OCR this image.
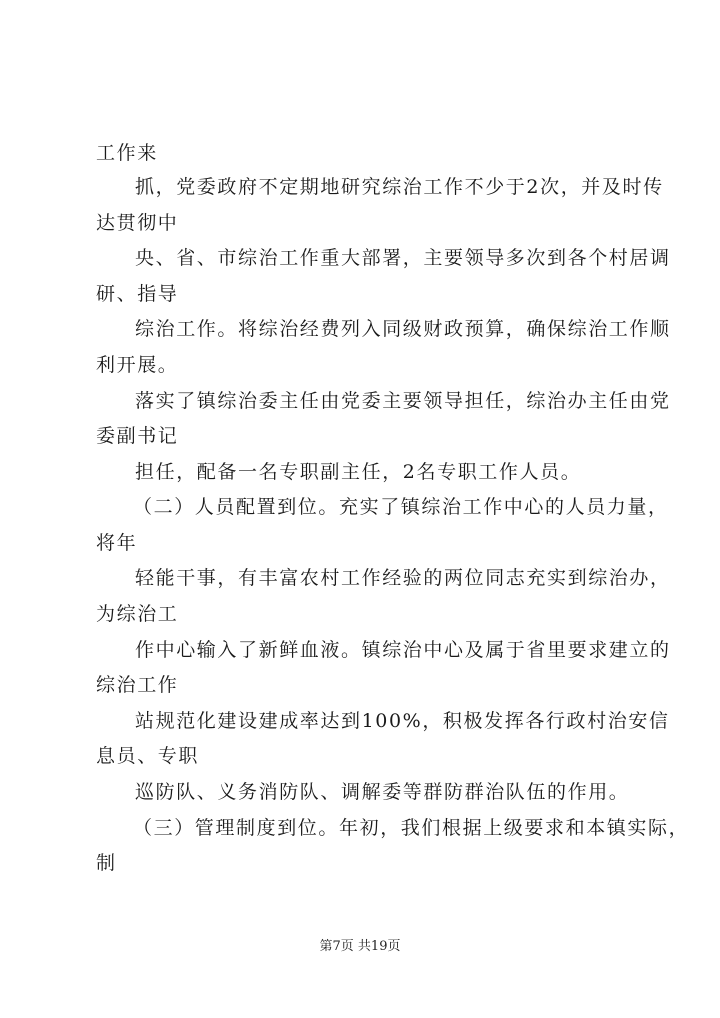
工作来
抓，党委政府不定期地研究综治工作不少于2次，并及时传
达贯彻中
央、省、市综治工作重大部署，主要领导多次到各个村居调
研、指导
综治工作。将综治经费列入同级财政预算，确保综治工作顺
利开展。
落实了镇综治委主任由党委主要领导担任，综治办主任由党
委副书记
担任，配备一名专职副主任，2名专职工作人员。
（二）人员配置到位。充实了镇综治工作中心的人员力量，
将年
轻能干事，有丰富农村工作经验的两位同志充实到综治办，
为综治工
作中心输入了新鲜血液。镇综治中心及属于省里要求建立的
综治工作
站规范化建设建成率达到100%，积极发挥各行政村治安信
息员、专职
巡防队、义务消防队、调解委等群防群治队伍的作用。
（三）管理制度到位。年初，我们根据上级要求和本镇实际，
制
第7页 共19页
